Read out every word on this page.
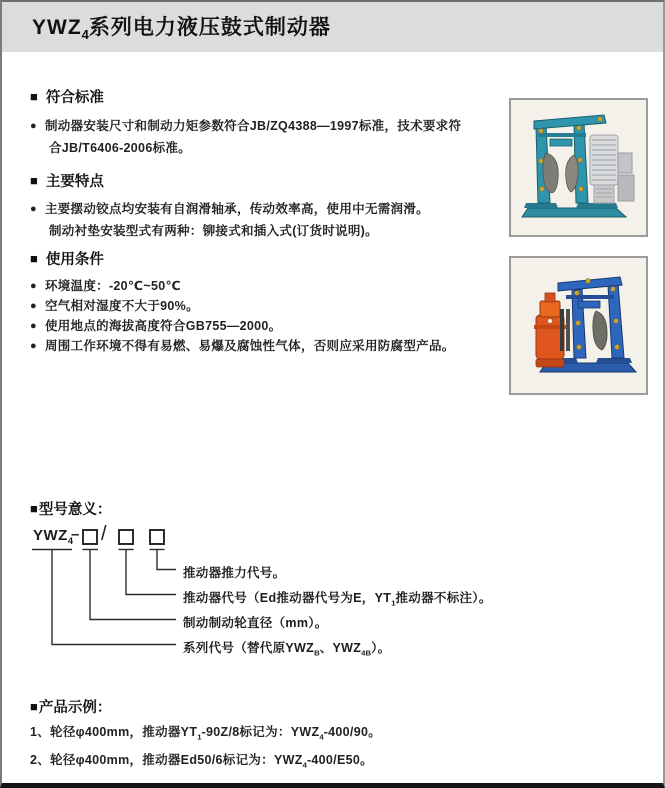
$YWZ_4$系列电力液压鼓式制动器
■ 符合标准
● 制动器安装尺寸和制动力矩参数符合JB/ZQ4388—1997标准，技术要求符
合JB/T6406-2006标准。
■ 主要特点
● 主要摆动铰点均安装有自润滑轴承，传动效率高，使用中无需润滑。
制动衬垫安装型式有两种：铆接式和插入式(订货时说明)。
■ 使用条件
● 环境温度：-20℃~50℃
● 空气相对湿度不大于90%。
● 使用地点的海拔高度符合GB755—2000。
● 周围工作环境不得有易燃、易爆及腐蚀性气体，否则应采用防腐型产品。
■ 型号意义：
$YWZ_4$
– /
推动器推力代号。
推动器代号（Ed推动器代号为E，$YT_1$推动器不标注）。
制动制动轮直径（mm）。
系列代号（替代原$YWZ_B$、$YWZ_{4B}$）。
■ 产品示例：
1、轮径φ400mm，推动器$YT_1-90Z/8$标记为：$YWZ_4-400/90$。
2、轮径φ400mm，推动器Ed50/6标记为：$YWZ_4-400/E50$。
